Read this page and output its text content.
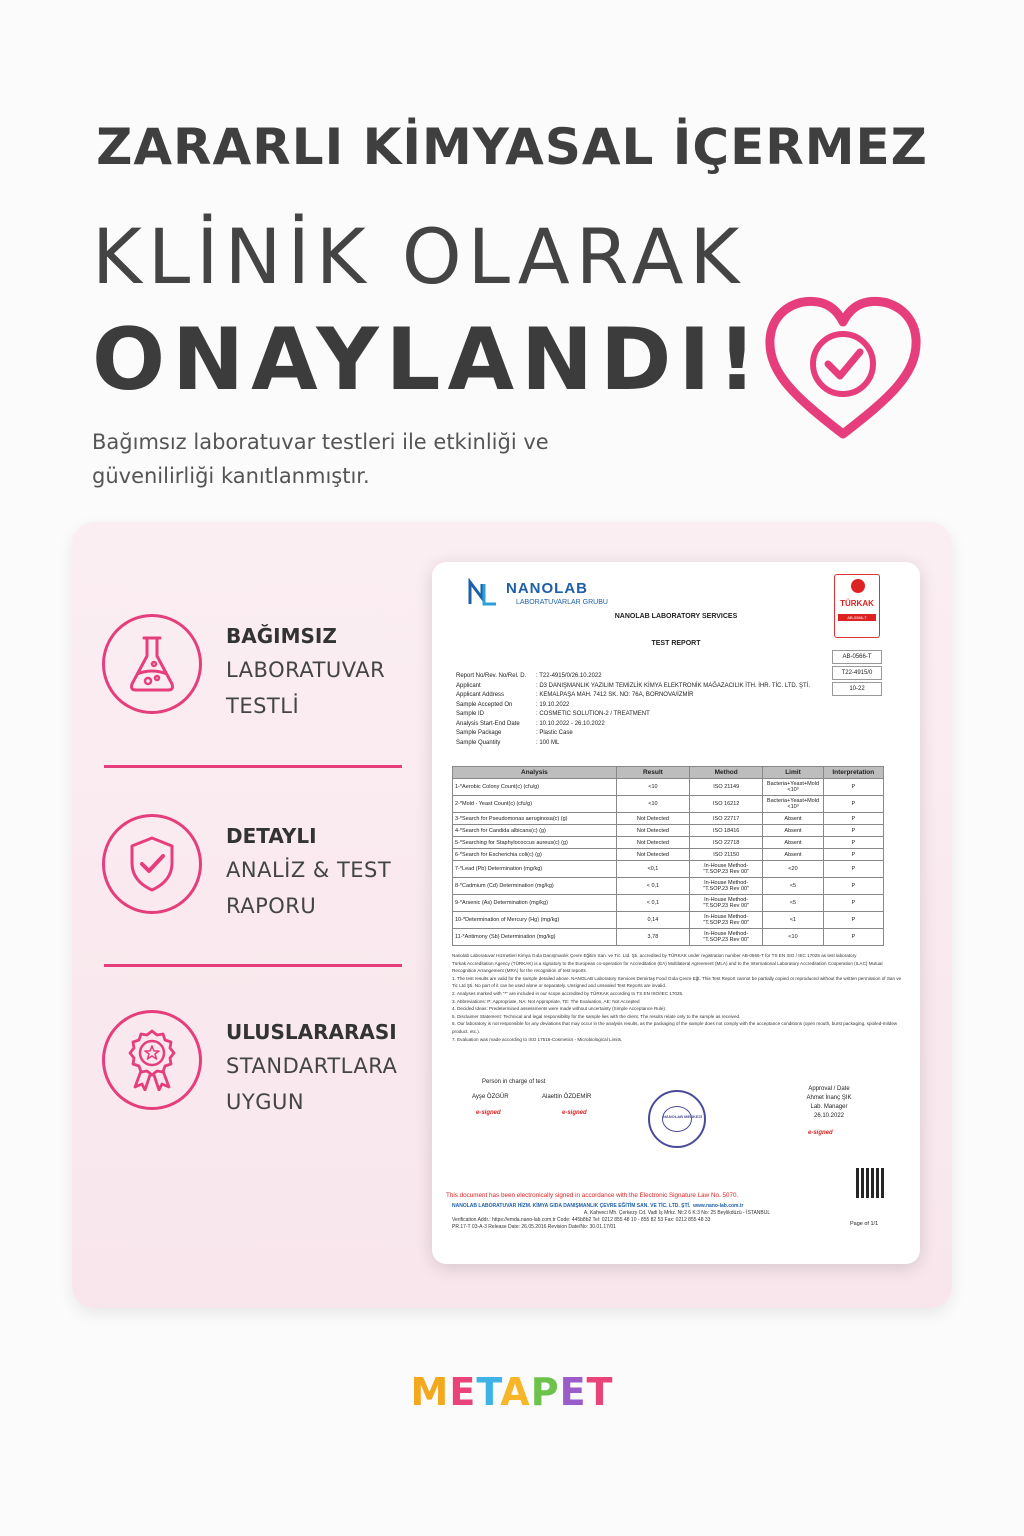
ZARARLI KİMYASAL İÇERMEZ
KLİNİK OLARAK
ONAYLANDI!
Bağımsız laboratuvar testleri ile etkinliği ve güvenilirliği kanıtlanmıştır.
BAĞIMSIZ
LABORATUVAR
TESTLİ
DETAYLI
ANALİZ & TEST
RAPORU
ULUSLARARASI
STANDARTLARA
UYGUN
NANOLAB
LABORATUVARLAR GRUBU
NANOLAB LABORATORY SERVICES
TEST REPORT
TÜRKAK
AB-0566-T
AB-0566-T
T22-4915/0
10-22
Report No/Rev. No/Rel. D.	: T22-4915/0/26.10.2022
Applicant	: D3 DANIŞMANLIK YAZILIM TEMİZLİK KİMYA ELEKTRONİK MAĞAZACILIK İTH. İHR. TİC. LTD. ŞTİ.
Applicant Address	: KEMALPAŞA MAH. 7412 SK. NO: 76A, BORNOVA/İZMİR
Sample Accepted On	: 19.10.2022
Sample ID	: COSMETIC SOLUTION-2 / TREATMENT
Analysis Start-End Date	: 10.10.2022 - 26.10.2022
Sample Package	: Plastic Case
Sample Quantity	: 100 ML
Analysis	Result	Method	Limit	Interpretation
1-*Aerobic Colony Count(c) (cfu/g)	<10	ISO 21149	Bacteria+Yeast+Mold <10³	P
2-*Mold - Yeast Count(c) (cfu/g)	<10	ISO 16212	Bacteria+Yeast+Mold <10³	P
3-*Search for Pseudomonas aeruginosa(c) (g)	Not Detected	ISO 22717	Absent	P
4-*Search for Candida albicans(c) (g)	Not Detected	ISO 18416	Absent	P
5-*Searching for Staphylococcus aureus(c) (g)	Not Detected	ISO 22718	Absent	P
6-*Search for Escherichia coli(c) (g)	Not Detected	ISO 21150	Absent	P
7-*Lead (Pb) Determination (mg/kg)	<0,1	In-House Method-"T.SOP.23 Rev 00"	<20	P
8-*Cadmium (Cd) Determination (mg/kg)	< 0,1	In-House Method-"T.SOP.23 Rev 00"	<5	P
9-*Arsenic (As) Determination (mg/kg)	< 0,1	In-House Method-"T.SOP.23 Rev 00"	<5	P
10-*Determination of Mercury (Hg) (mg/kg)	0,14	In-House Method-"T.SOP.23 Rev 00"	<1	P
11-*Antimony (Sb) Determination (mg/kg)	3,78	In-House Method-"T.SOP.23 Rev 00"	<10	P
Nanolab Laboratuvar Hizmetleri Kimya Gıda Danışmanlık Çevre Eğitim San. ve Tic. Ltd. Şti. accredited by TÜRKAK under registration number AB-0566-T for TS EN ISO / IEC 17025 as test laboratory
Türkak Accreditation Agency (TÜRKAK) is a signatory to the European co-operation for Accreditation (EA) Multilateral Agreement (MLA) and to the International Laboratory Accreditation Cooperation (ILAC) Mutual Recognition Arrangement (MRA) for the recognition of test reports
1. The test results are valid for the sample detailed above. NANOLAB Laboratory Services Demirtaş Food Gıda Çevre Eğt. This Test Report cannot be partially copied or reproduced without the written permission of San ve Tic Ltd Şti. No part of it can be used alone or separately. Unsigned and unsealed Test Reports are invalid.
2. Analyses marked with "*" are included in our scope accredited by TÜRKAK according to TS EN ISO/IEC 17025.
3. Abbreviations: P: Appropriate, NA: Not Appropriate, TE: The Evaluation, AE: Not Accepted
4. Decided Ideas: Predetermined assessments were made without uncertainty (Simple Acceptance Rule).
5. Disclaimer Statement: Technical and legal responsibility for the sample lies with the client. The results relate only to the sample as received.
6. Our laboratory is not responsible for any deviations that may occur in the analysis results, as the packaging of the sample does not comply with the acceptance conditions (open mouth, burst packaging, spoiled-mildew product, etc.).
7. Evaluation was made according to ISO 17516-Cosmetics - Microbiological Limits.
Person in charge of test
Ayşe ÖZGÜR	Alaettin ÖZDEMİR
e-signed	e-signed
NANOLAB MERKEZİ
Approval / Date
Ahmet İnanç ŞIK
Lab. Manager
26.10.2022
e-signed
This document has been electronically signed in accordance with the Electronic Signature Law No. 5070.
NANOLAB LABORATUVAR HİZM. KİMYA GIDA DANIŞMANLIK ÇEVRE EĞİTİM SAN. VE TİC. LTD. ŞTİ. www.nano-lab.com.tr
A. Kahveci Mh. Çerkezy Cd. Vadi İş Mrkz. Nt:2 6 K:3 No: 25 Beylikdüzü - İSTANBUL
Verification Addr.: https://emda.nano-lab.com.tr Code: 445b8b2 Tel: 0212 855 48 10 - 855 82 53 Fax: 0212 855 48 33
PR.17-T 03-A-3 Release Date: 26.05.2016 Revision Date/No: 30.01.17/01	Page of 1/1
METAPET
